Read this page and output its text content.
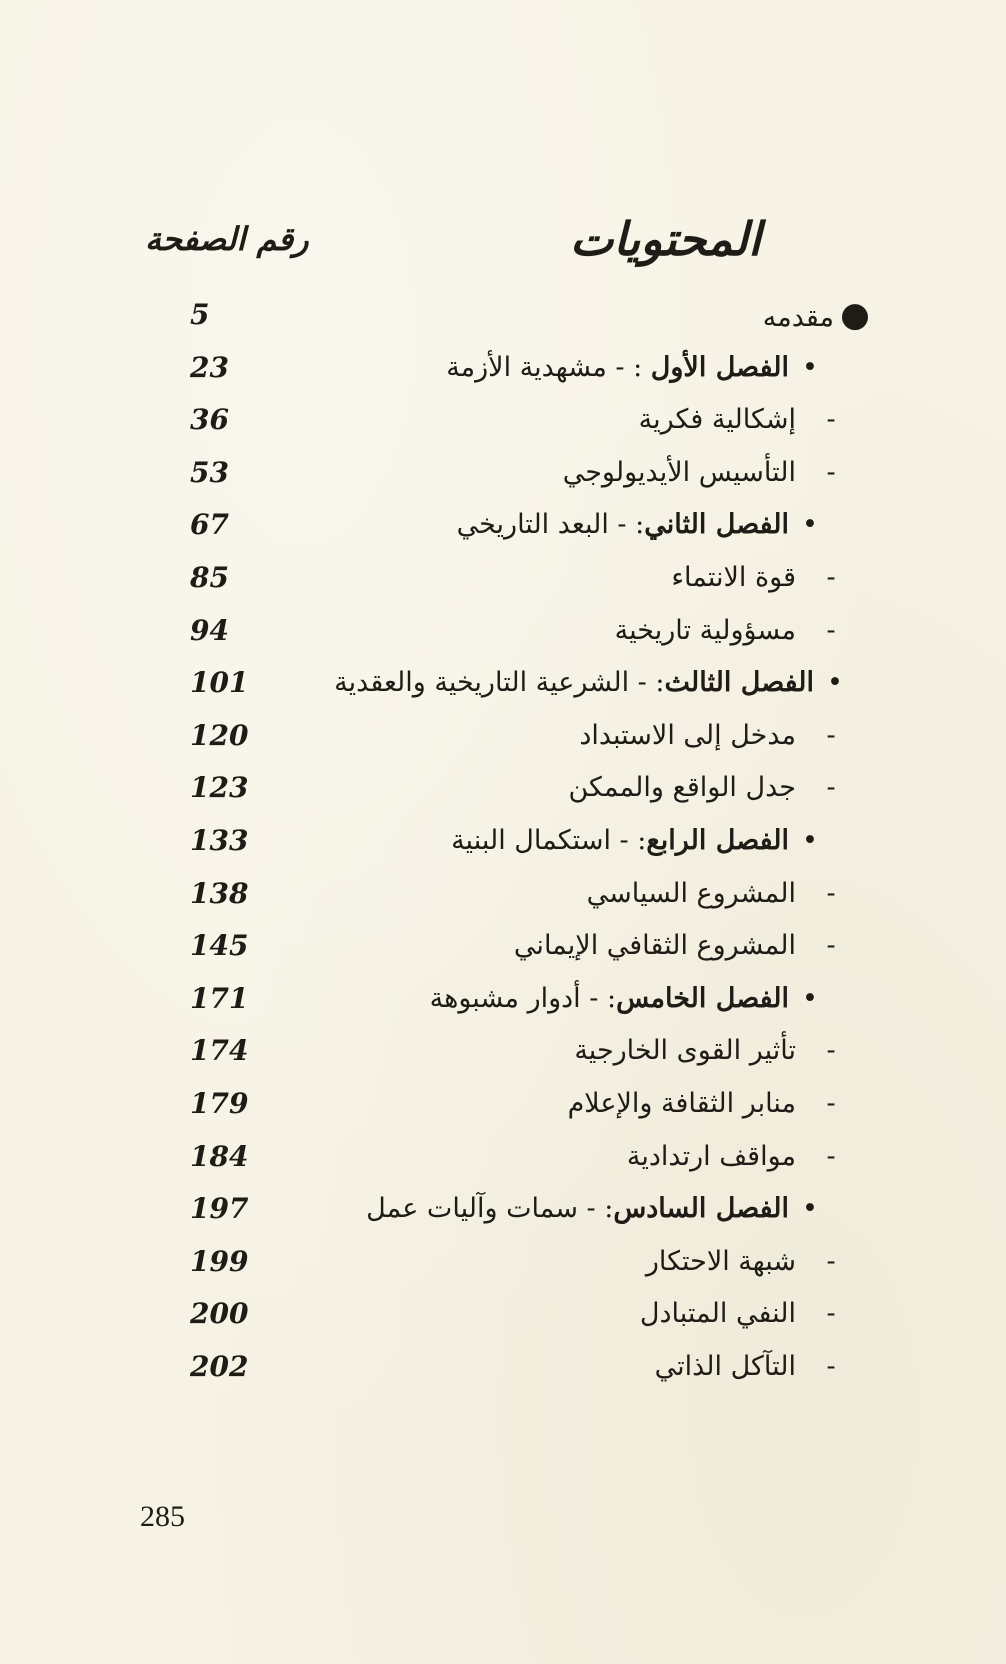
المحتويات
رقم الصفحة
●مقدمه
5
•الفصل الأول : - مشهدية الأزمة
23
-إشكالية فكرية
36
-التأسيس الأيديولوجي
53
•الفصل الثاني: - البعد التاريخي
67
-قوة الانتماء
85
-مسؤولية تاريخية
94
•الفصل الثالث: - الشرعية التاريخية والعقدية
101
-مدخل إلى الاستبداد
120
-جدل الواقع والممكن
123
•الفصل الرابع: - استكمال البنية
133
-المشروع السياسي
138
-المشروع الثقافي الإيماني
145
•الفصل الخامس: - أدوار مشبوهة
171
-تأثير القوى الخارجية
174
-منابر الثقافة والإعلام
179
-مواقف ارتدادية
184
•الفصل السادس: - سمات وآليات عمل
197
-شبهة الاحتكار
199
-النفي المتبادل
200
-التآكل الذاتي
202
285
